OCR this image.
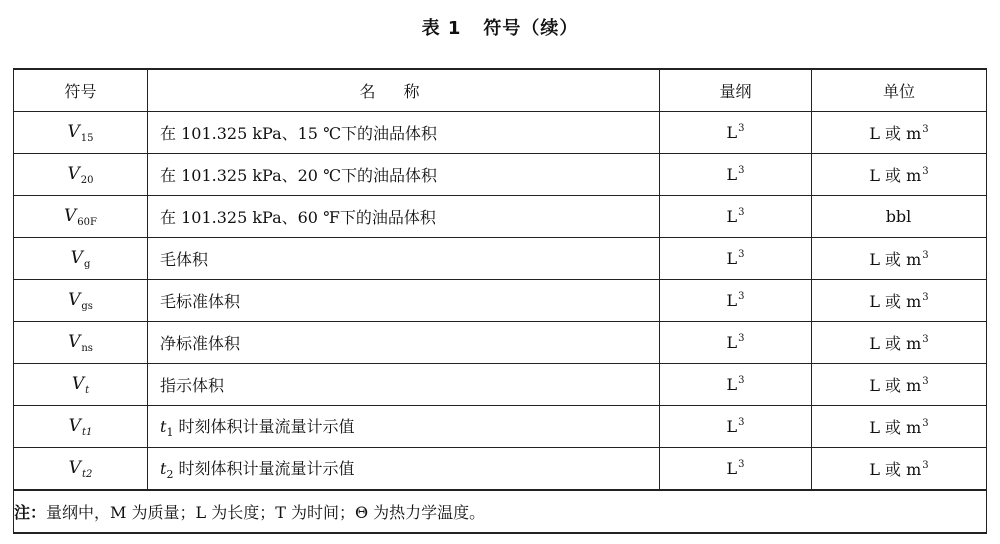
表 1 符号（续）
符号	名称	量纲	单位
$V_{15}$	在 101.325 kPa、15 ℃下的油品体积	$L^3$	L 或 $m^3$
$V_{20}$	在 101.325 kPa、20 ℃下的油品体积	$L^3$	L 或 $m^3$
$V_{60F}$	在 101.325 kPa、60 ℉下的油品体积	$L^3$	bbl
$V_g$	毛体积	$L^3$	L 或 $m^3$
$V_{gs}$	毛标准体积	$L^3$	L 或 $m^3$
$V_{ns}$	净标准体积	$L^3$	L 或 $m^3$
$V_t$	指示体积	$L^3$	L 或 $m^3$
$V_{t1}$	$t_1$ 时刻体积计量流量计示值	$L^3$	L 或 $m^3$
$V_{t2}$	$t_2$ 时刻体积计量流量计示值	$L^3$	L 或 $m^3$
注：量纲中，M 为质量；L 为长度；T 为时间；Θ 为热力学温度。			
